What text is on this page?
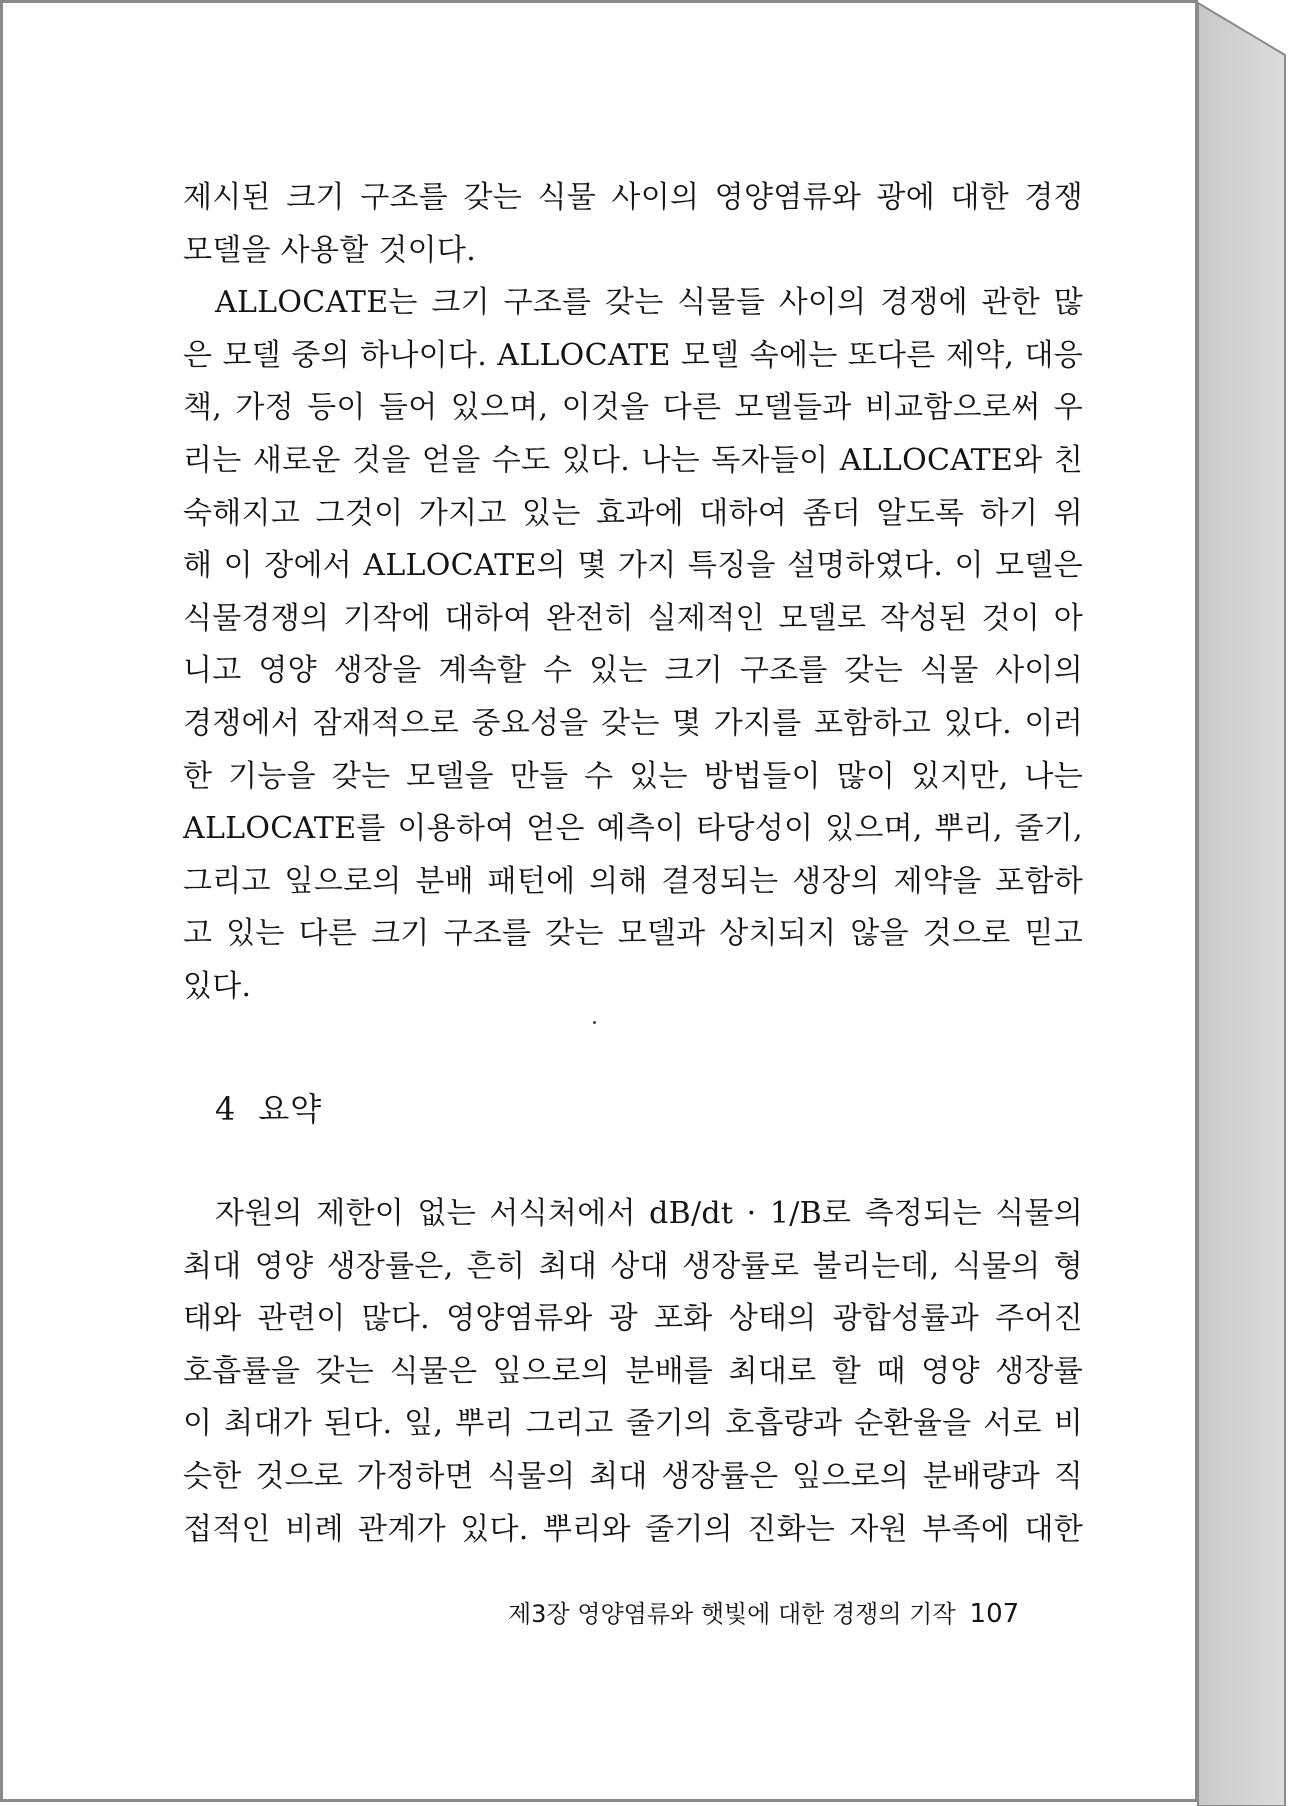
제시된 크기 구조를 갖는 식물 사이의 영양염류와 광에 대한 경쟁

모델을 사용할 것이다.

ALLOCATE는 크기 구조를 갖는 식물들 사이의 경쟁에 관한 많

은 모델 중의 하나이다. ALLOCATE 모델 속에는 또다른 제약, 대응

책, 가정 등이 들어 있으며, 이것을 다른 모델들과 비교함으로써 우

리는 새로운 것을 얻을 수도 있다. 나는 독자들이 ALLOCATE와 친

숙해지고 그것이 가지고 있는 효과에 대하여 좀더 알도록 하기 위

해 이 장에서 ALLOCATE의 몇 가지 특징을 설명하였다. 이 모델은

식물경쟁의 기작에 대하여 완전히 실제적인 모델로 작성된 것이 아

니고 영양 생장을 계속할 수 있는 크기 구조를 갖는 식물 사이의

경쟁에서 잠재적으로 중요성을 갖는 몇 가지를 포함하고 있다. 이러

한 기능을 갖는 모델을 만들 수 있는 방법들이 많이 있지만, 나는

ALLOCATE를 이용하여 얻은 예측이 타당성이 있으며, 뿌리, 줄기,

그리고 잎으로의 분배 패턴에 의해 결정되는 생장의 제약을 포함하

고 있는 다른 크기 구조를 갖는 모델과 상치되지 않을 것으로 믿고

있다.

4 요약

자원의 제한이 없는 서식처에서 dB/dt · 1/B로 측정되는 식물의

최대 영양 생장률은, 흔히 최대 상대 생장률로 불리는데, 식물의 형

태와 관련이 많다. 영양염류와 광 포화 상태의 광합성률과 주어진

호흡률을 갖는 식물은 잎으로의 분배를 최대로 할 때 영양 생장률

이 최대가 된다. 잎, 뿌리 그리고 줄기의 호흡량과 순환율을 서로 비

슷한 것으로 가정하면 식물의 최대 생장률은 잎으로의 분배량과 직

접적인 비례 관계가 있다. 뿌리와 줄기의 진화는 자원 부족에 대한

제3장 영양염류와 햇빛에 대한 경쟁의 기작 107
